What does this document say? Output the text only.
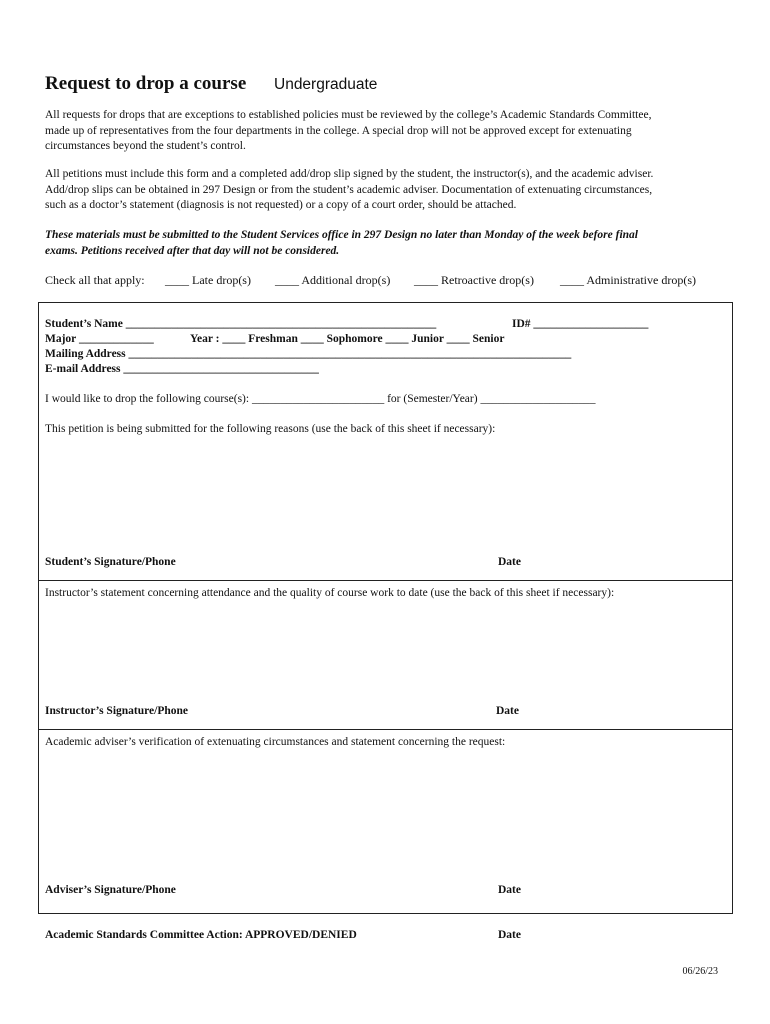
Request to drop a course Undergraduate
All requests for drops that are exceptions to established policies must be reviewed by the college’s Academic Standards Committee,
made up of representatives from the four departments in the college. A special drop will not be approved except for extenuating
circumstances beyond the student’s control.
All petitions must include this form and a completed add/drop slip signed by the student, the instructor(s), and the academic adviser.
Add/drop slips can be obtained in 297 Design or from the student’s academic adviser. Documentation of extenuating circumstances,
such as a doctor’s statement (diagnosis is not requested) or a copy of a court order, should be attached.
These materials must be submitted to the Student Services office in 297 Design no later than Monday of the week before final
exams. Petitions received after that day will not be considered.
Check all that apply: ____ Late drop(s) ____ Additional drop(s) ____ Retroactive drop(s) ____ Administrative drop(s)
Student’s Name ______________________________________________________	ID# ____________________
Major _____________	Year : ____ Freshman ____ Sophomore ____ Junior ____ Senior
Mailing Address _____________________________________________________________________________
E-mail Address __________________________________
I would like to drop the following course(s): _______________________ for (Semester/Year) ____________________
This petition is being submitted for the following reasons (use the back of this sheet if necessary):
Student’s Signature/Phone	Date
Instructor’s statement concerning attendance and the quality of course work to date (use the back of this sheet if necessary):
Instructor’s Signature/Phone	Date
Academic adviser’s verification of extenuating circumstances and statement concerning the request:
Adviser’s Signature/Phone	Date
Academic Standards Committee Action: APPROVED/DENIED	Date
06/26/23
